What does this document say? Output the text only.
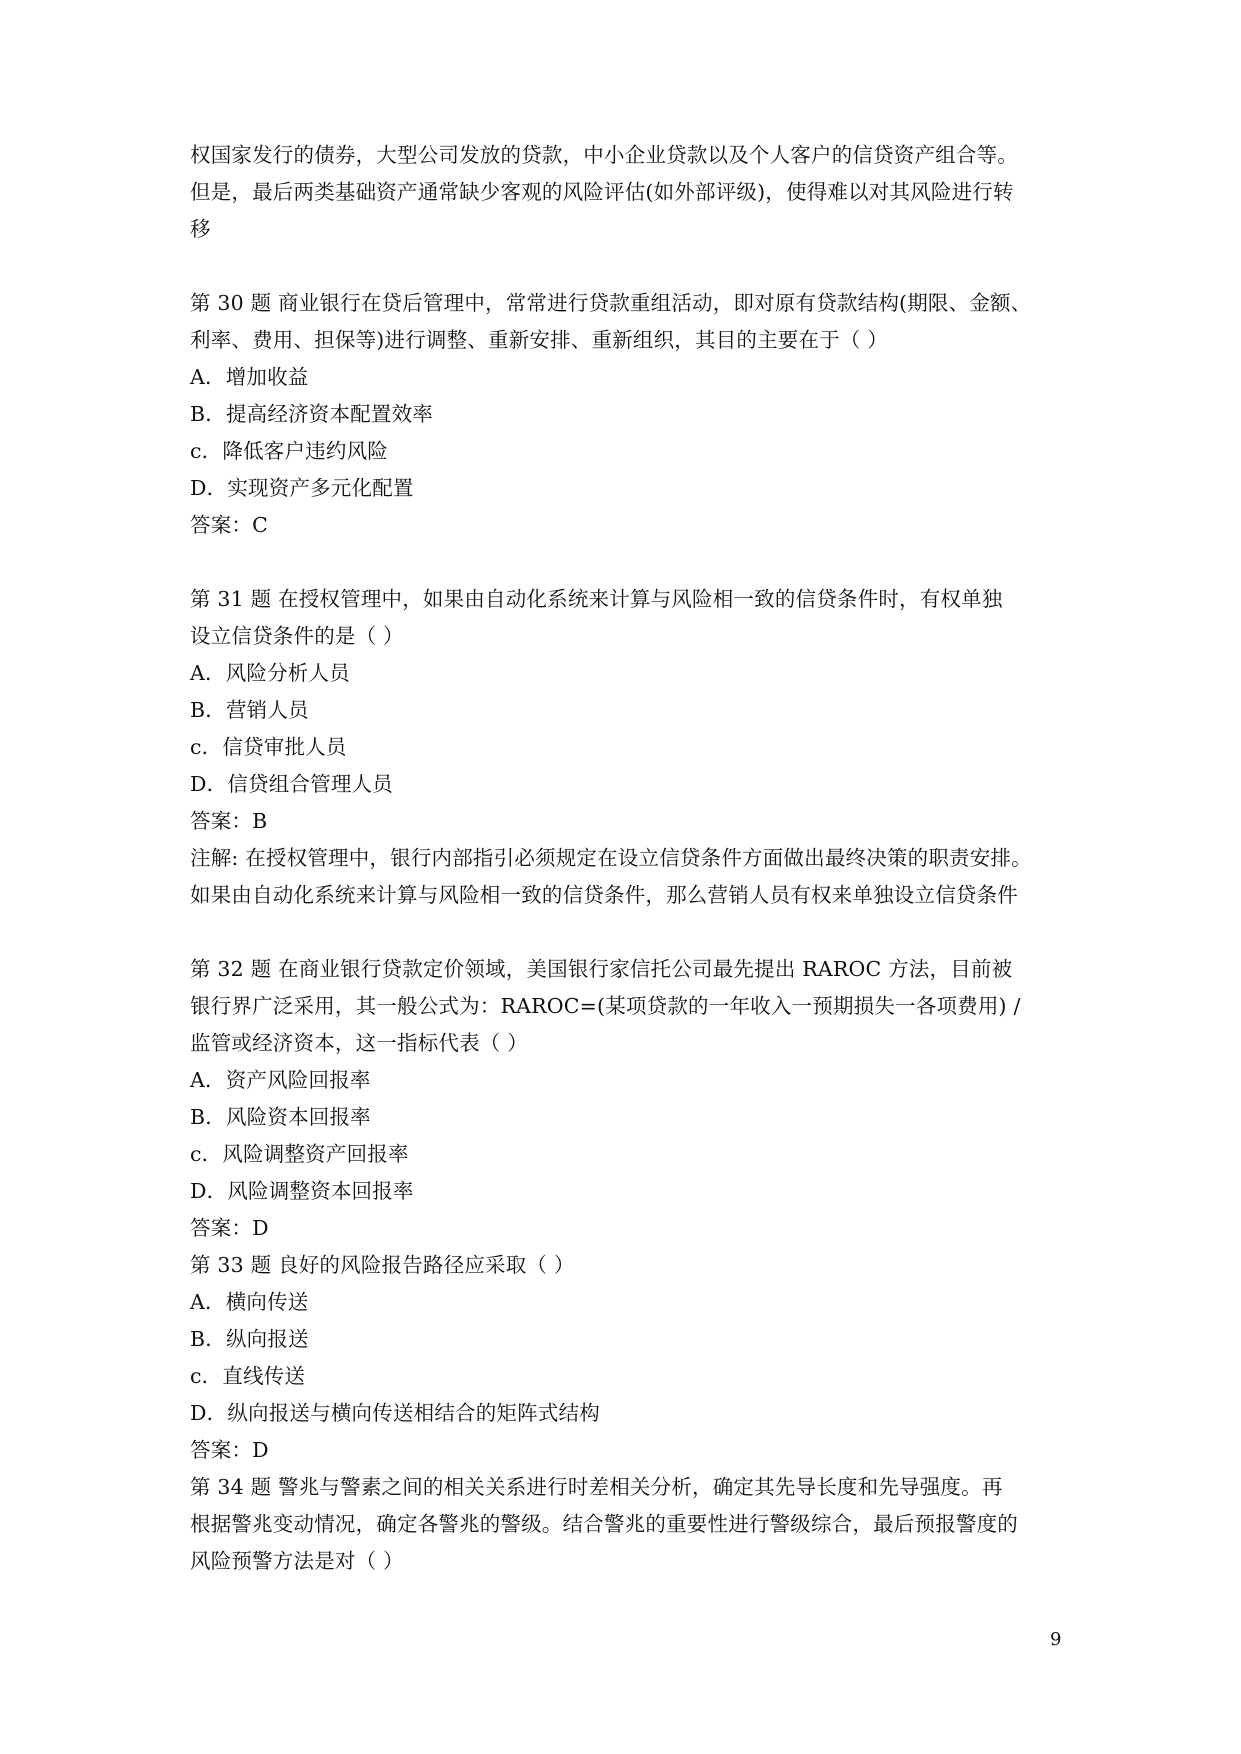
权国家发行的债券，大型公司发放的贷款，中小企业贷款以及个人客户的信贷资产组合等。
但是，最后两类基础资产通常缺少客观的风险评估(如外部评级)，使得难以对其风险进行转
移
第 30 题 商业银行在贷后管理中，常常进行贷款重组活动，即对原有贷款结构(期限、金额、
利率、费用、担保等)进行调整、重新安排、重新组织，其目的主要在于（ ）
A．增加收益
B．提高经济资本配置效率
c．降低客户违约风险
D．实现资产多元化配置
答案：C
第 31 题 在授权管理中，如果由自动化系统来计算与风险相一致的信贷条件时，有权单独
设立信贷条件的是（ ）
A．风险分析人员
B．营销人员
c．信贷审批人员
D．信贷组合管理人员
答案：B
注解: 在授权管理中，银行内部指引必须规定在设立信贷条件方面做出最终决策的职责安排。
如果由自动化系统来计算与风险相一致的信贷条件，那么营销人员有权来单独设立信贷条件
第 32 题 在商业银行贷款定价领域，美国银行家信托公司最先提出 RAROC 方法，目前被
银行界广泛采用，其一般公式为：RAROC=(某项贷款的一年收入一预期损失一各项费用) /
监管或经济资本，这一指标代表（ ）
A．资产风险回报率
B．风险资本回报率
c．风险调整资产回报率
D．风险调整资本回报率
答案：D
第 33 题 良好的风险报告路径应采取（ ）
A．横向传送
B．纵向报送
c．直线传送
D．纵向报送与横向传送相结合的矩阵式结构
答案：D
第 34 题 警兆与警素之间的相关关系进行时差相关分析，确定其先导长度和先导强度。再
根据警兆变动情况，确定各警兆的警级。结合警兆的重要性进行警级综合，最后预报警度的
风险预警方法是对（ ）
9
